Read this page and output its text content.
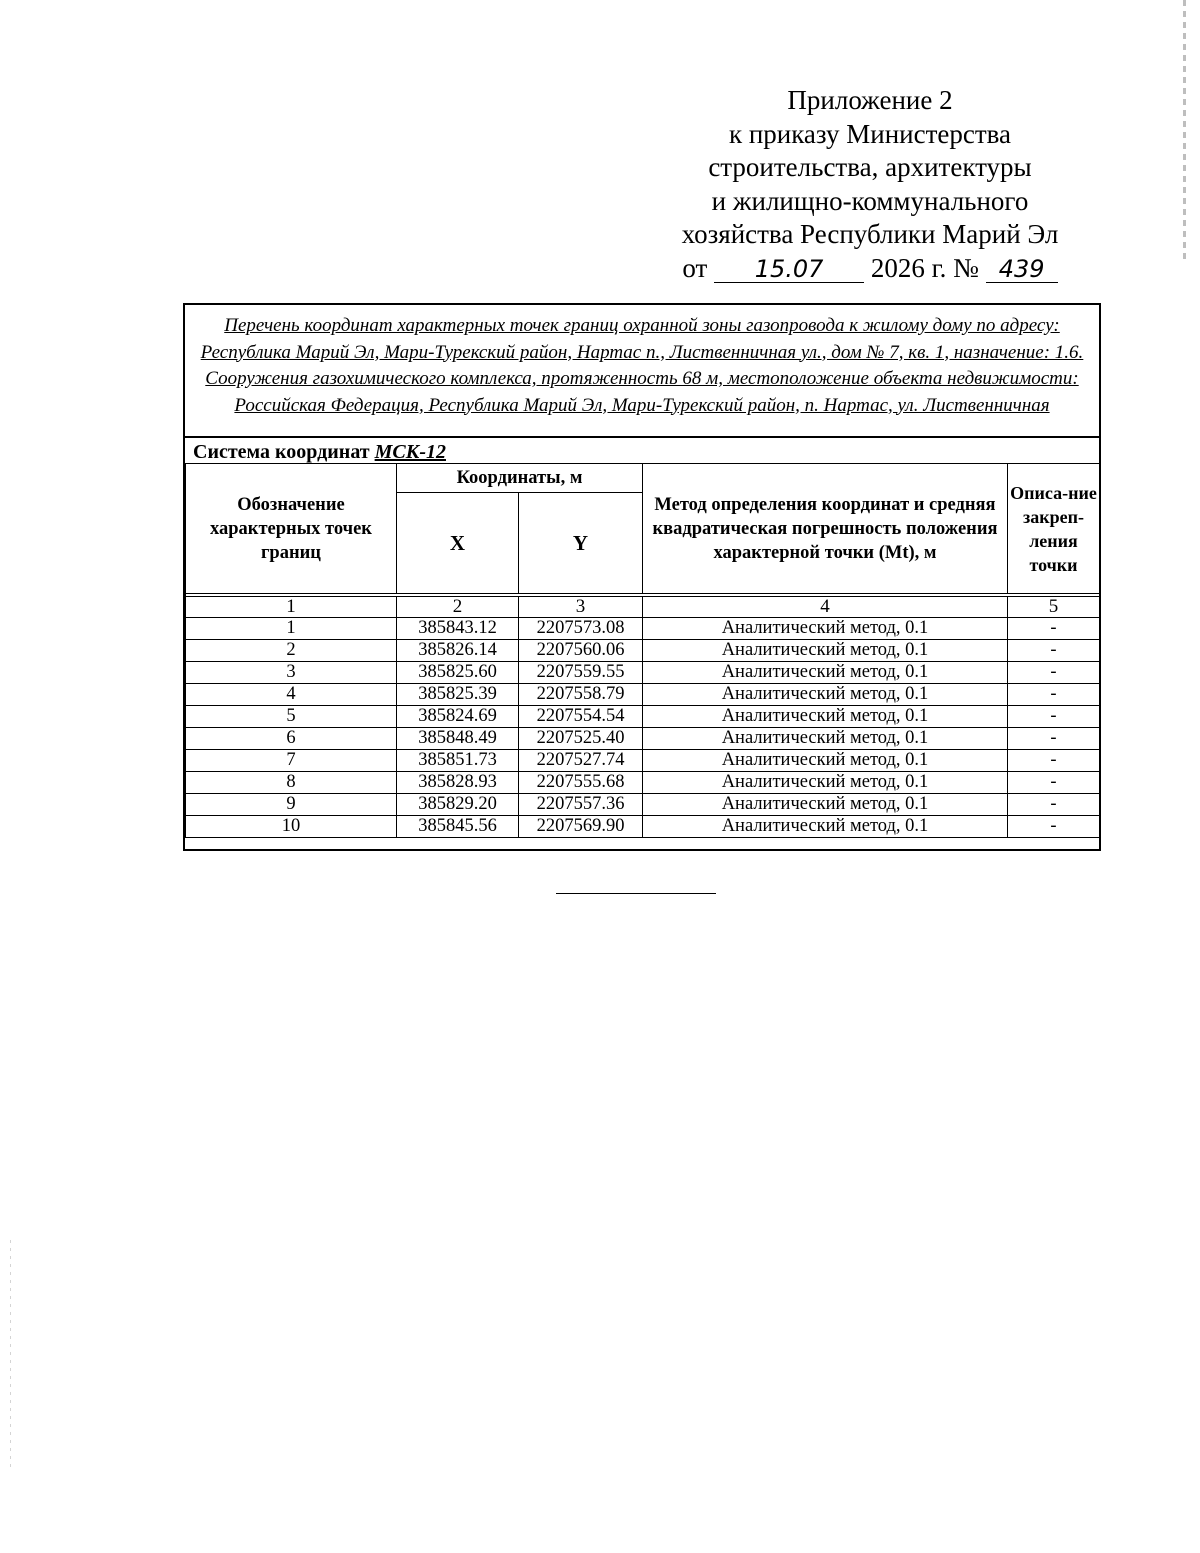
Приложение 2
к приказу Министерства
строительства, архитектуры
и жилищно-коммунального
хозяйства Республики Марий Эл
от 15.07 2026 г. № 439
Перечень координат характерных точек границ охранной зоны газопровода к жилому дому по адресу: Республика Марий Эл, Мари-Турекский район, Нартас п., Лиственничная ул., дом № 7, кв. 1, назначение: 1.6. Сооружения газохимического комплекса, протяженность 68 м, местоположение объекта недвижимости: Российская Федерация, Республика Марий Эл, Мари-Турекский район, п. Нартас, ул. Лиственничная
Система координат МСК-12
Обозначение характерных точек границ	Координаты, м		Метод определения координат и средняя квадратическая погрешность положения характерной точки (Mt), м	Описа-ние закреп-ления точки
	X	Y		

1	2	3	4	5
1	385843.12	2207573.08	Аналитический метод, 0.1	-
2	385826.14	2207560.06	Аналитический метод, 0.1	-
3	385825.60	2207559.55	Аналитический метод, 0.1	-
4	385825.39	2207558.79	Аналитический метод, 0.1	-
5	385824.69	2207554.54	Аналитический метод, 0.1	-
6	385848.49	2207525.40	Аналитический метод, 0.1	-
7	385851.73	2207527.74	Аналитический метод, 0.1	-
8	385828.93	2207555.68	Аналитический метод, 0.1	-
9	385829.20	2207557.36	Аналитический метод, 0.1	-
10	385845.56	2207569.90	Аналитический метод, 0.1	-
